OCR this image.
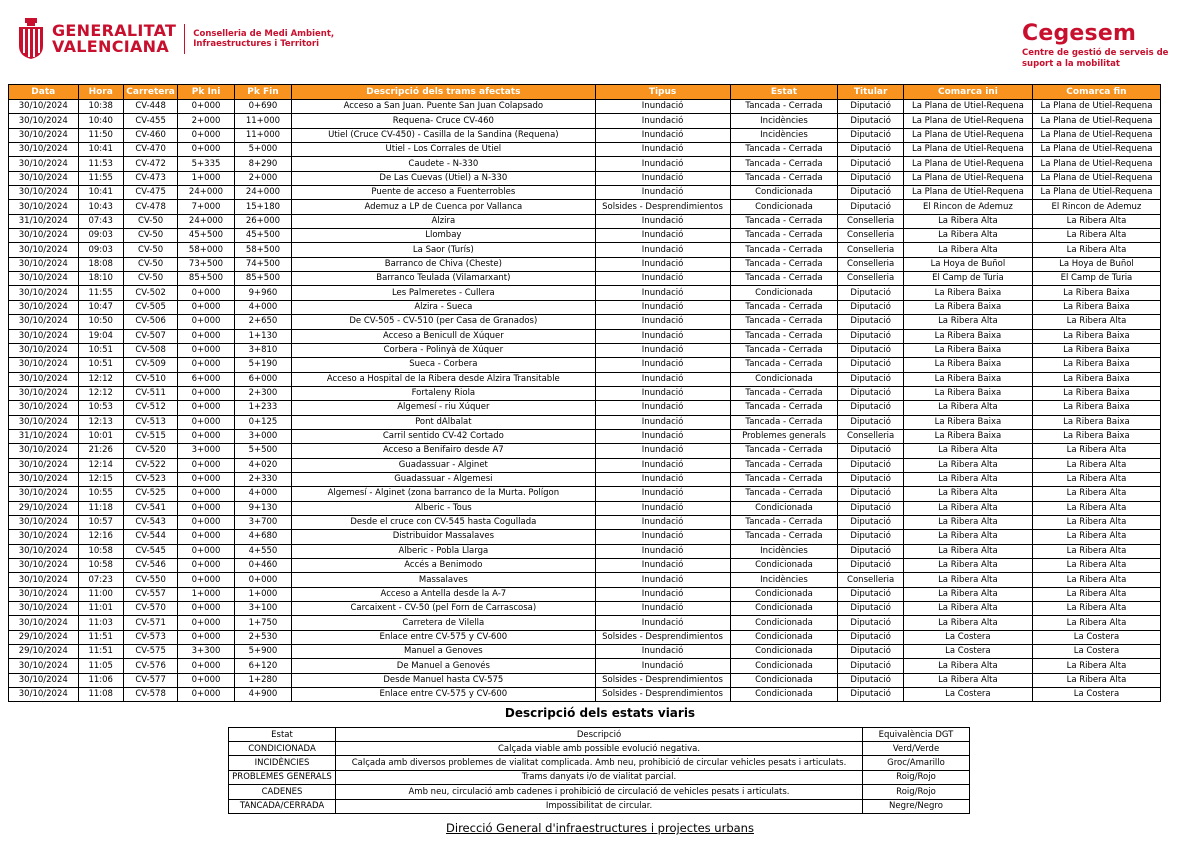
GENERALITAT
VALENCIANA
Conselleria de Medi Ambient,
Infraestructures i Territori	Cegesem
Centre de gestió de serveis de
suport a la mobilitat
Data	Hora	Carretera	Pk Ini	Pk Fin	Descripció dels trams afectats	Tipus	Estat	Titular	Comarca ini	Comarca fin
30/10/2024	10:38	CV-448	0+000	0+690	Acceso a San Juan. Puente San Juan Colapsado	Inundació	Tancada - Cerrada	Diputació	La Plana de Utiel-Requena	La Plana de Utiel-Requena
30/10/2024	10:40	CV-455	2+000	11+000	Requena- Cruce CV-460	Inundació	Incidències	Diputació	La Plana de Utiel-Requena	La Plana de Utiel-Requena
30/10/2024	11:50	CV-460	0+000	11+000	Utiel (Cruce CV-450) - Casilla de la Sandina (Requena)	Inundació	Incidències	Diputació	La Plana de Utiel-Requena	La Plana de Utiel-Requena
30/10/2024	10:41	CV-470	0+000	5+000	Utiel - Los Corrales de Utiel	Inundació	Tancada - Cerrada	Diputació	La Plana de Utiel-Requena	La Plana de Utiel-Requena
30/10/2024	11:53	CV-472	5+335	8+290	Caudete - N-330	Inundació	Tancada - Cerrada	Diputació	La Plana de Utiel-Requena	La Plana de Utiel-Requena
30/10/2024	11:55	CV-473	1+000	2+000	De Las Cuevas (Utiel) a N-330	Inundació	Tancada - Cerrada	Diputació	La Plana de Utiel-Requena	La Plana de Utiel-Requena
30/10/2024	10:41	CV-475	24+000	24+000	Puente de acceso a Fuenterrobles	Inundació	Condicionada	Diputació	La Plana de Utiel-Requena	La Plana de Utiel-Requena
30/10/2024	10:43	CV-478	7+000	15+180	Ademuz a LP de Cuenca por Vallanca	Solsides - Desprendimientos	Condicionada	Diputació	El Rincon de Ademuz	El Rincon de Ademuz
31/10/2024	07:43	CV-50	24+000	26+000	Alzira	Inundació	Tancada - Cerrada	Conselleria	La Ribera Alta	La Ribera Alta
30/10/2024	09:03	CV-50	45+500	45+500	Llombay	Inundació	Tancada - Cerrada	Conselleria	La Ribera Alta	La Ribera Alta
30/10/2024	09:03	CV-50	58+000	58+500	La Saor (Turís)	Inundació	Tancada - Cerrada	Conselleria	La Ribera Alta	La Ribera Alta
30/10/2024	18:08	CV-50	73+500	74+500	Barranco de Chiva (Cheste)	Inundació	Tancada - Cerrada	Conselleria	La Hoya de Buñol	La Hoya de Buñol
30/10/2024	18:10	CV-50	85+500	85+500	Barranco Teulada (Vilamarxant)	Inundació	Tancada - Cerrada	Conselleria	El Camp de Turia	El Camp de Turia
30/10/2024	11:55	CV-502	0+000	9+960	Les Palmeretes - Cullera	Inundació	Condicionada	Diputació	La Ribera Baixa	La Ribera Baixa
30/10/2024	10:47	CV-505	0+000	4+000	Alzira - Sueca	Inundació	Tancada - Cerrada	Diputació	La Ribera Baixa	La Ribera Baixa
30/10/2024	10:50	CV-506	0+000	2+650	De CV-505 - CV-510 (per Casa de Granados)	Inundació	Tancada - Cerrada	Diputació	La Ribera Alta	La Ribera Alta
30/10/2024	19:04	CV-507	0+000	1+130	Acceso a Benicull de Xúquer	Inundació	Tancada - Cerrada	Diputació	La Ribera Baixa	La Ribera Baixa
30/10/2024	10:51	CV-508	0+000	3+810	Corbera - Polinyà de Xúquer	Inundació	Tancada - Cerrada	Diputació	La Ribera Baixa	La Ribera Baixa
30/10/2024	10:51	CV-509	0+000	5+190	Sueca - Corbera	Inundació	Tancada - Cerrada	Diputació	La Ribera Baixa	La Ribera Baixa
30/10/2024	12:12	CV-510	6+000	6+000	Acceso a Hospital de la Ribera desde Alzira Transitable	Inundació	Condicionada	Diputació	La Ribera Baixa	La Ribera Baixa
30/10/2024	12:12	CV-511	0+000	2+300	Fortaleny Riola	Inundació	Tancada - Cerrada	Diputació	La Ribera Baixa	La Ribera Baixa
30/10/2024	10:53	CV-512	0+000	1+233	Algemesí - riu Xúquer	Inundació	Tancada - Cerrada	Diputació	La Ribera Alta	La Ribera Baixa
30/10/2024	12:13	CV-513	0+000	0+125	Pont dAlbalat	Inundació	Tancada - Cerrada	Diputació	La Ribera Baixa	La Ribera Baixa
31/10/2024	10:01	CV-515	0+000	3+000	Carril sentido CV-42 Cortado	Inundació	Problemes generals	Conselleria	La Ribera Baixa	La Ribera Baixa
30/10/2024	21:26	CV-520	3+000	5+500	Acceso a Benifairo desde A7	Inundació	Tancada - Cerrada	Diputació	La Ribera Alta	La Ribera Alta
30/10/2024	12:14	CV-522	0+000	4+020	Guadassuar - Alginet	Inundació	Tancada - Cerrada	Diputació	La Ribera Alta	La Ribera Alta
30/10/2024	12:15	CV-523	0+000	2+330	Guadassuar - Algemesi	Inundació	Tancada - Cerrada	Diputació	La Ribera Alta	La Ribera Alta
30/10/2024	10:55	CV-525	0+000	4+000	Algemesí - Alginet (zona barranco de la Murta. Polígon	Inundació	Tancada - Cerrada	Diputació	La Ribera Alta	La Ribera Alta
29/10/2024	11:18	CV-541	0+000	9+130	Alberic - Tous	Inundació	Condicionada	Diputació	La Ribera Alta	La Ribera Alta
30/10/2024	10:57	CV-543	0+000	3+700	Desde el cruce con CV-545 hasta Cogullada	Inundació	Tancada - Cerrada	Diputació	La Ribera Alta	La Ribera Alta
30/10/2024	12:16	CV-544	0+000	4+680	Distribuidor Massalaves	Inundació	Tancada - Cerrada	Diputació	La Ribera Alta	La Ribera Alta
30/10/2024	10:58	CV-545	0+000	4+550	Alberic - Pobla Llarga	Inundació	Incidències	Diputació	La Ribera Alta	La Ribera Alta
30/10/2024	10:58	CV-546	0+000	0+460	Accés a Benimodo	Inundació	Condicionada	Diputació	La Ribera Alta	La Ribera Alta
30/10/2024	07:23	CV-550	0+000	0+000	Massalaves	Inundació	Incidències	Conselleria	La Ribera Alta	La Ribera Alta
30/10/2024	11:00	CV-557	1+000	1+000	Acceso a Antella desde la A-7	Inundació	Condicionada	Diputació	La Ribera Alta	La Ribera Alta
30/10/2024	11:01	CV-570	0+000	3+100	Carcaixent - CV-50 (pel Forn de Carrascosa)	Inundació	Condicionada	Diputació	La Ribera Alta	La Ribera Alta
30/10/2024	11:03	CV-571	0+000	1+750	Carretera de Vilella	Inundació	Condicionada	Diputació	La Ribera Alta	La Ribera Alta
29/10/2024	11:51	CV-573	0+000	2+530	Enlace entre CV-575 y CV-600	Solsides - Desprendimientos	Condicionada	Diputació	La Costera	La Costera
29/10/2024	11:51	CV-575	3+300	5+900	Manuel a Genoves	Inundació	Condicionada	Diputació	La Costera	La Costera
30/10/2024	11:05	CV-576	0+000	6+120	De Manuel a Genovés	Inundació	Condicionada	Diputació	La Ribera Alta	La Ribera Alta
30/10/2024	11:06	CV-577	0+000	1+280	Desde Manuel hasta CV-575	Solsides - Desprendimientos	Condicionada	Diputació	La Ribera Alta	La Ribera Alta
30/10/2024	11:08	CV-578	0+000	4+900	Enlace entre CV-575 y CV-600	Solsides - Desprendimientos	Condicionada	Diputació	La Costera	La Costera
Descripció dels estats viaris
Estat	Descripció	Equivalència DGT
CONDICIONADA	Calçada viable amb possible evolució negativa.	Verd/Verde
INCIDÈNCIES	Calçada amb diversos problemes de vialitat complicada. Amb neu, prohibició de circular vehicles pesats i articulats.	Groc/Amarillo
PROBLEMES GENERALS	Trams danyats i/o de vialitat parcial.	Roig/Rojo
CADENES	Amb neu, circulació amb cadenes i prohibició de circulació de vehicles pesats i articulats.	Roig/Rojo
TANCADA/CERRADA	Impossibilitat de circular.	Negre/Negro
Direcció General d'infraestructures i projectes urbans
